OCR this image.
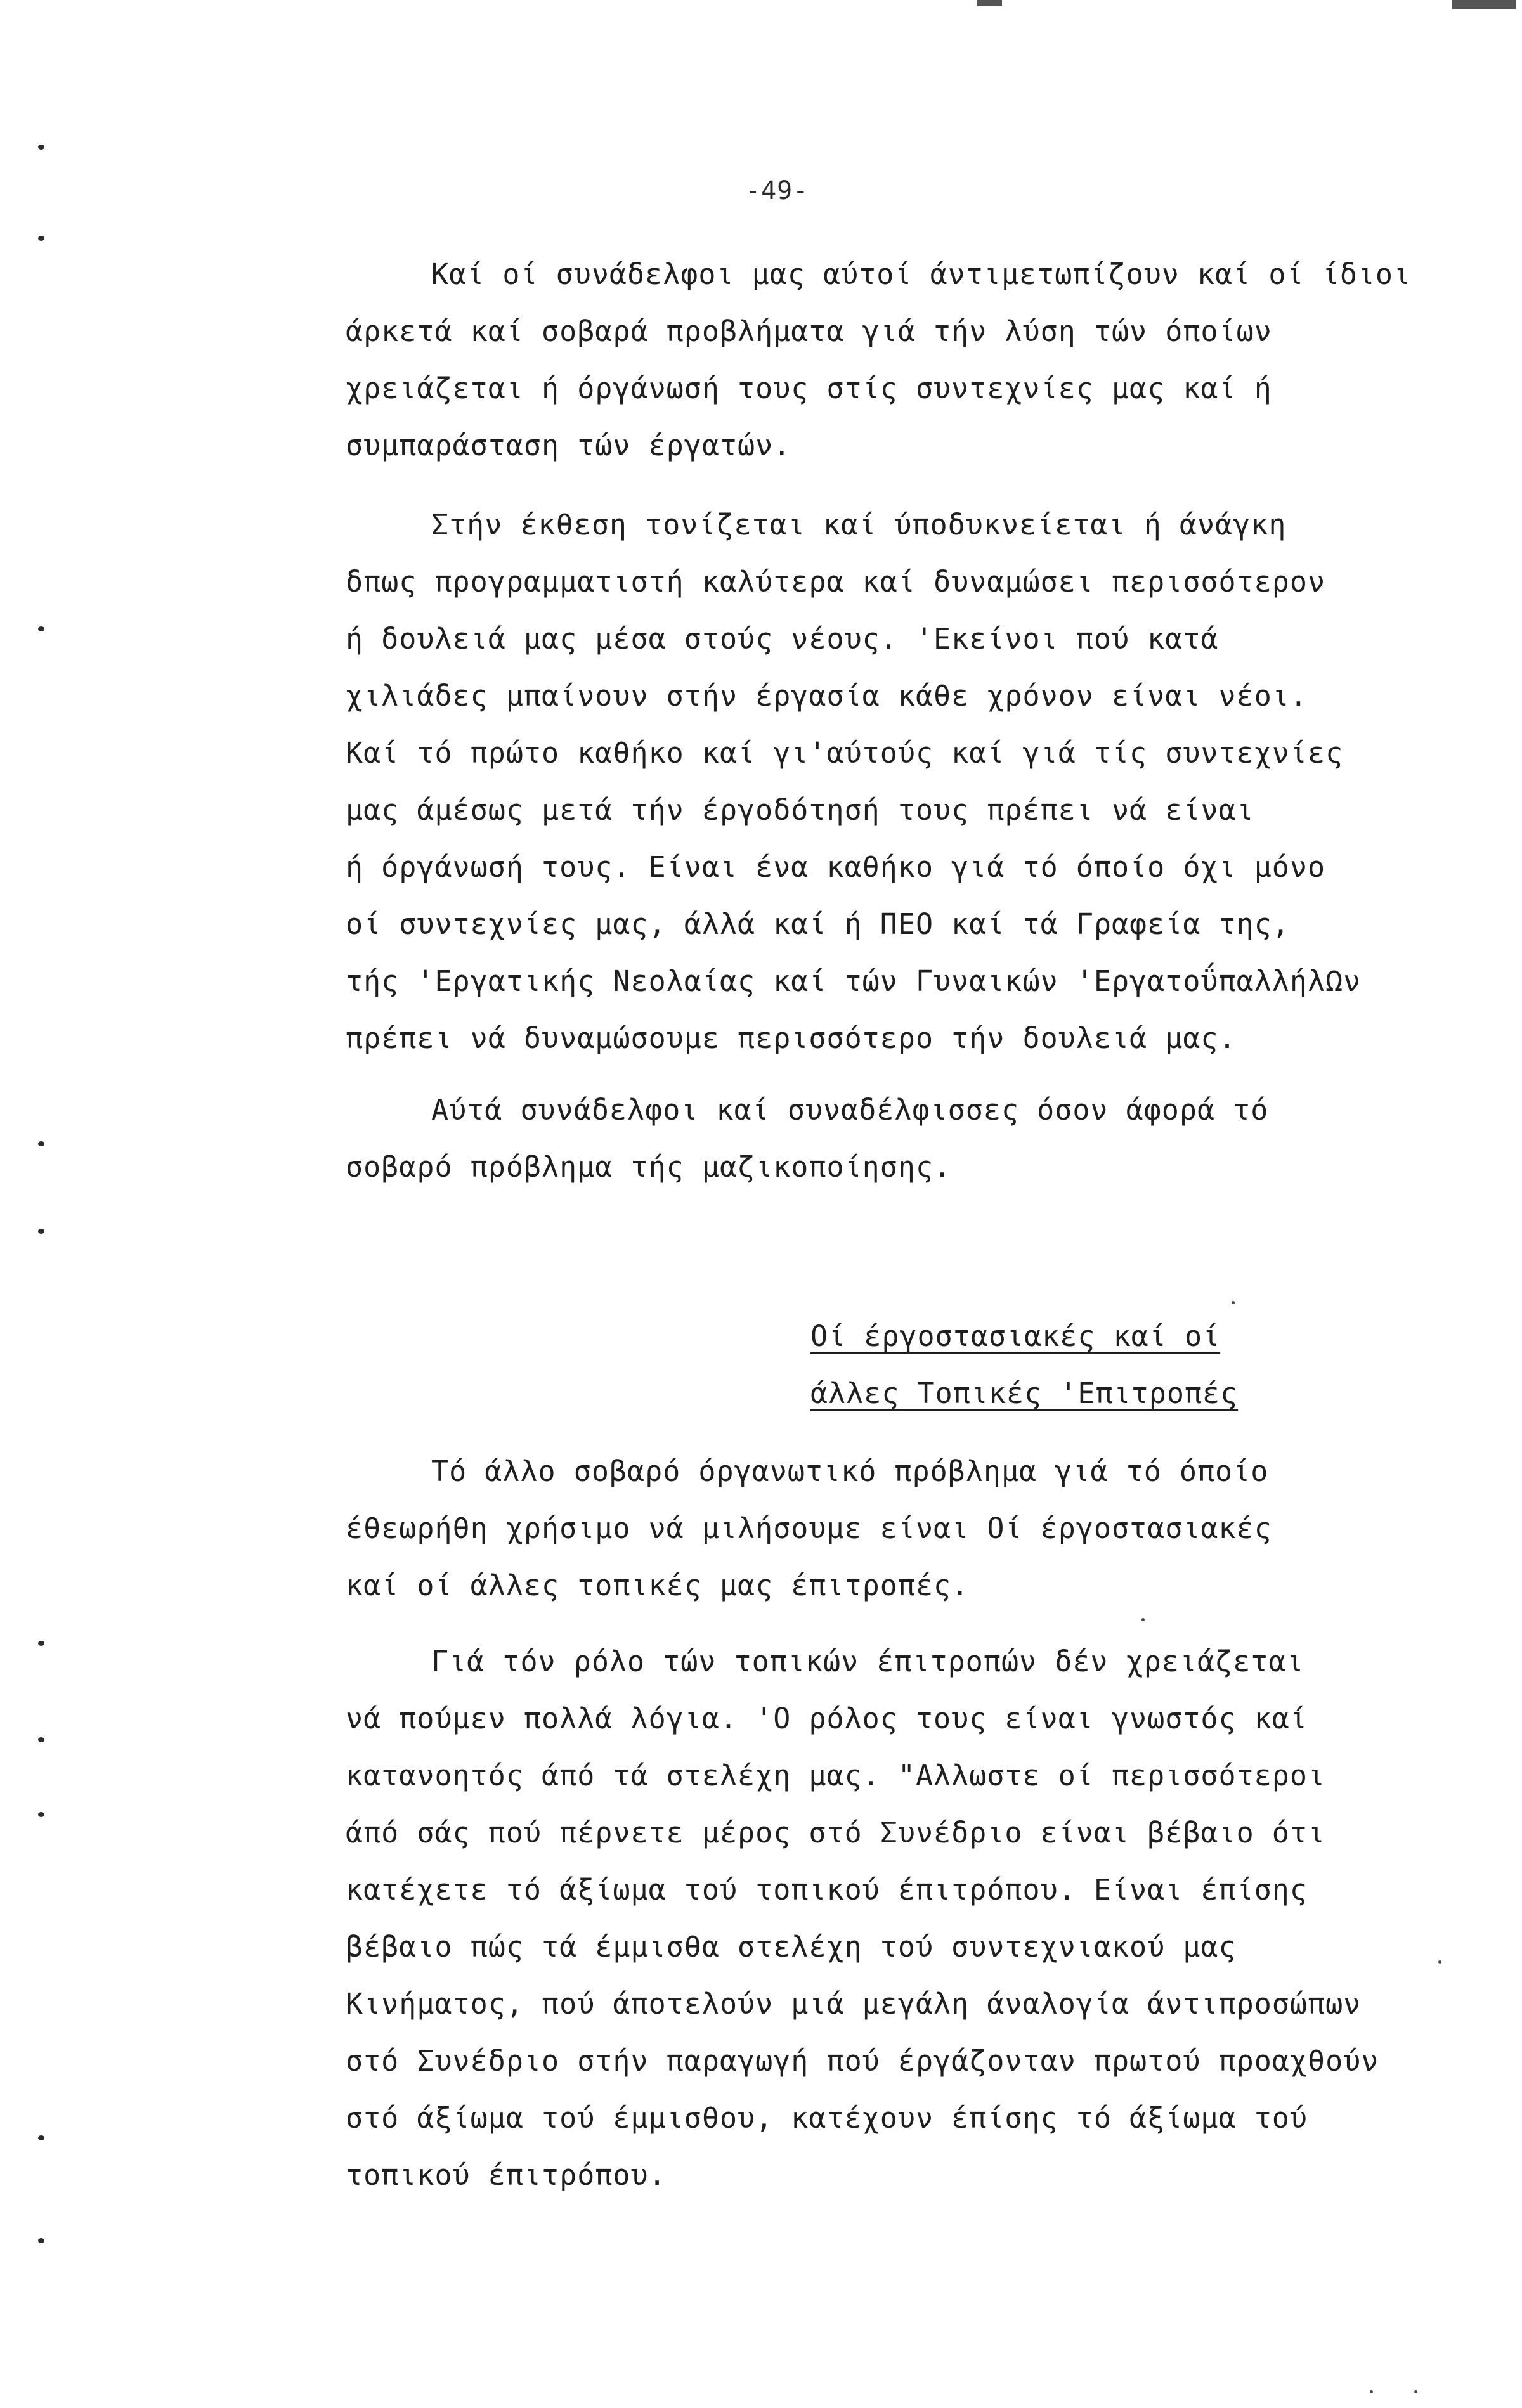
-49-
Καί οί συνάδελφοι μας αύτοί άντιμετωπίζουν καί οί ίδιοι
άρκετά καί σοβαρά προβλήματα γιά τήν λύση τών όποίων
χρειάζεται ή όργάνωσή τους στίς συντεχνίες μας καί ή
συμπαράσταση τών έργατών.
Στήν έκθεση τονίζεται καί ύποδυκνείεται ή άνάγκη
δπως προγραμματιστή καλύτερα καί δυναμώσει περισσότερον
ή δουλειά μας μέσα στούς νέους. 'Εκείνοι πού κατά
χιλιάδες μπαίνουν στήν έργασία κάθε χρόνον είναι νέοι.
Καί τό πρώτο καθήκο καί γι'αύτούς καί γιά τίς συντεχνίες
μας άμέσως μετά τήν έργοδότησή τους πρέπει νά είναι
ή όργάνωσή τους. Είναι ένα καθήκο γιά τό όποίο όχι μόνο
οί συντεχνίες μας, άλλά καί ή ΠΕΟ καί τά Γραφεία της,
τής 'Εργατικής Νεολαίας καί τών Γυναικών 'ΕργατοΰπαλλήλΩν
πρέπει νά δυναμώσουμε περισσότερο τήν δουλειά μας.
Αύτά συνάδελφοι καί συναδέλφισσες όσον άφορά τό
σοβαρό πρόβλημα τής μαζικοποίησης.
Οί έργοστασιακές καί οί
άλλες Τοπικές 'Επιτροπές
Τό άλλο σοβαρό όργανωτικό πρόβλημα γιά τό όποίο
έθεωρήθη χρήσιμο νά μιλήσουμε είναι Οί έργοστασιακές
καί οί άλλες τοπικές μας έπιτροπές.
Γιά τόν ρόλο τών τοπικών έπιτροπών δέν χρειάζεται
νά πούμεν πολλά λόγια. 'Ο ρόλος τους είναι γνωστός καί
κατανοητός άπό τά στελέχη μας. "Αλλωστε οί περισσότεροι
άπό σάς πού πέρνετε μέρος στό Συνέδριο είναι βέβαιο ότι
κατέχετε τό άξίωμα τού τοπικού έπιτρόπου. Είναι έπίσης
βέβαιο πώς τά έμμισθα στελέχη τού συντεχνιακού μας
Κινήματος, πού άποτελούν μιά μεγάλη άναλογία άντιπροσώπων
στό Συνέδριο στήν παραγωγή πού έργάζονταν πρωτού προαχθούν
στό άξίωμα τού έμμισθου, κατέχουν έπίσης τό άξίωμα τού
τοπικού έπιτρόπου.
